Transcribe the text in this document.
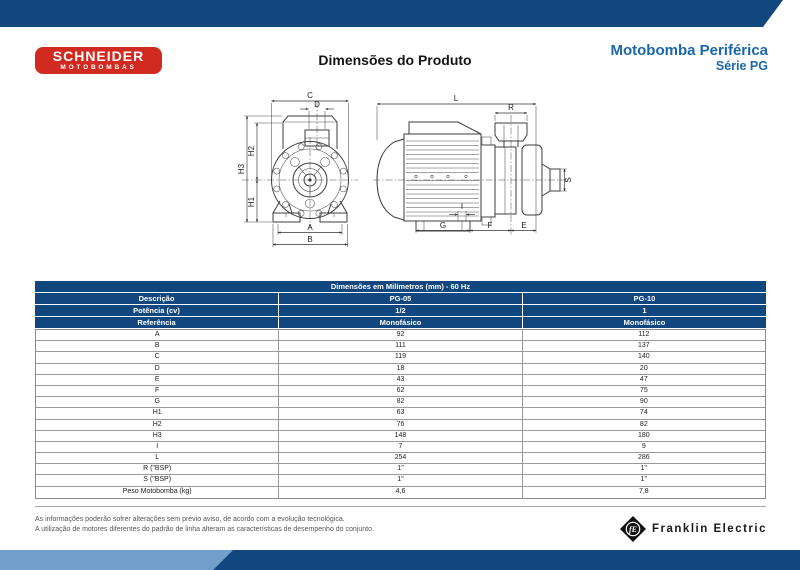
SCHNEIDER
MOTOBOMBAS	Dimensões do Produto
Motobomba Periférica
Série PG
C
D
H3
H2
H1
A
B
L
R
S
I
G	F	E
Dimensões em Milímetros (mm) - 60 Hz
Descrição	PG-05	PG-10
Potência (cv)	1/2	1
Referência	Monofásico	Monofásico
A	92	112
B	111	137
C	119	140
D	18	20
E	43	47
F	62	75
G	82	90
H1	63	74
H2	76	82
H3	148	180
I	7	9
L	254	286
R ("BSP)	1"	1"
S ("BSP)	1"	1"
Peso Motobomba (kg)	4,6	7,8
As informações poderão sofrer alterações sem prévio aviso, de acordo com a evolução tecnológica.
A utilização de motores diferentes do padrão de linha alteram as características de desempenho do conjunto.	fE Franklin Electric
